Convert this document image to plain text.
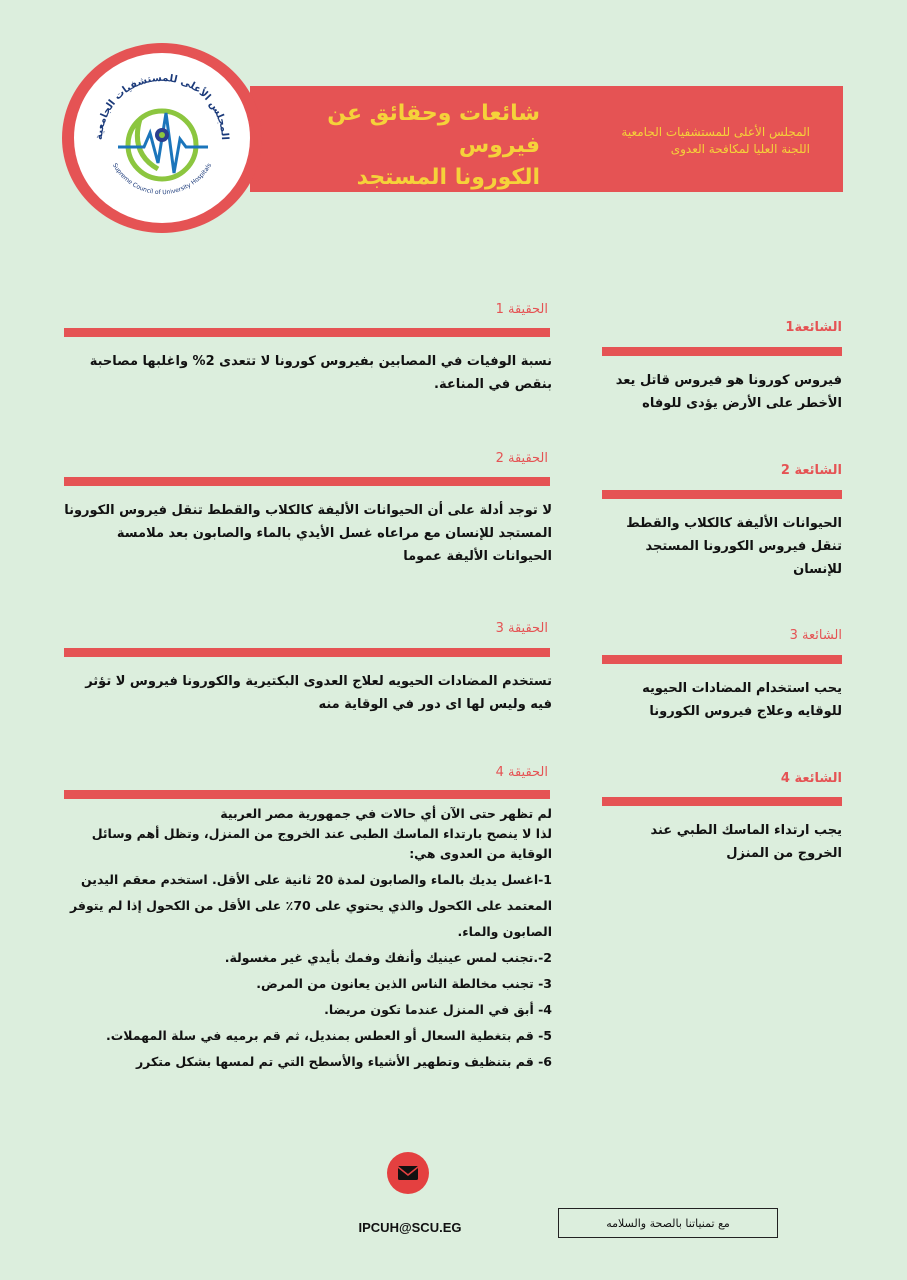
شائعات وحقائق عن فيروس
الكورونا المستجد
المجلس الأعلى للمستشفيات الجامعية
اللجنة العليا لمكافحة العدوى
المجلس الأعلى للمستشفيات الجامعية
Supreme Council of University Hospitals
الحقيقة 1
نسبة الوفيات في المصابين بفيروس كورونا لا تتعدى 2% واغلبها مصاحبة بنقص في المناعة.
الحقيقة 2
لا توجد أدلة على أن الحيوانات الأليفة كالكلاب والقطط تنقل فيروس الكورونا المستجد للإنسان مع مراعاه غسل الأيدي بالماء والصابون بعد ملامسة الحيوانات الأليفة عموما
الحقيقة 3
تستخدم المضادات الحيويه لعلاج العدوى البكتيرية والكورونا فيروس لا تؤثر فيه وليس لها اى دور في الوقاية منه
الحقيقة 4
لم تظهر حتى الآن أي حالات في جمهورية مصر العربية
لذا لا ينصح بارتداء الماسك الطبى عند الخروج من المنزل، وتظل أهم وسائل الوقاية من العدوى هي:
1-اغسل يديك بالماء والصابون لمدة 20 ثانية على الأقل. استخدم معقم اليدين المعتمد على الكحول والذي يحتوي على 70٪ على الأقل من الكحول إذا لم يتوفر الصابون والماء.
2-.تجنب لمس عينيك وأنفك وفمك بأيدي غير مغسولة.
3- تجنب مخالطة الناس الذين يعانون من المرض.
4- أبق في المنزل عندما تكون مريضا.
5- قم بتغطية السعال أو العطس بمنديل، ثم قم برميه في سلة المهملات.
6- قم بتنظيف وتطهير الأشياء والأسطح التي تم لمسها بشكل متكرر
الشائعة1
فيروس كورونا هو فيروس قاتل يعد الأخطر على الأرض يؤدى للوفاه
الشائعة 2
الحيوانات الأليفة كالكلاب والقطط تنقل فيروس الكورونا المستجد للإنسان
الشائعة 3
يحب استخدام المضادات الحيويه للوقايه وعلاج فيروس الكورونا
الشائعة 4
يجب ارتداء الماسك الطبي عند الخروج من المنزل
IPCUH@SCU.EG	مع تمنياتنا بالصحة والسلامه
